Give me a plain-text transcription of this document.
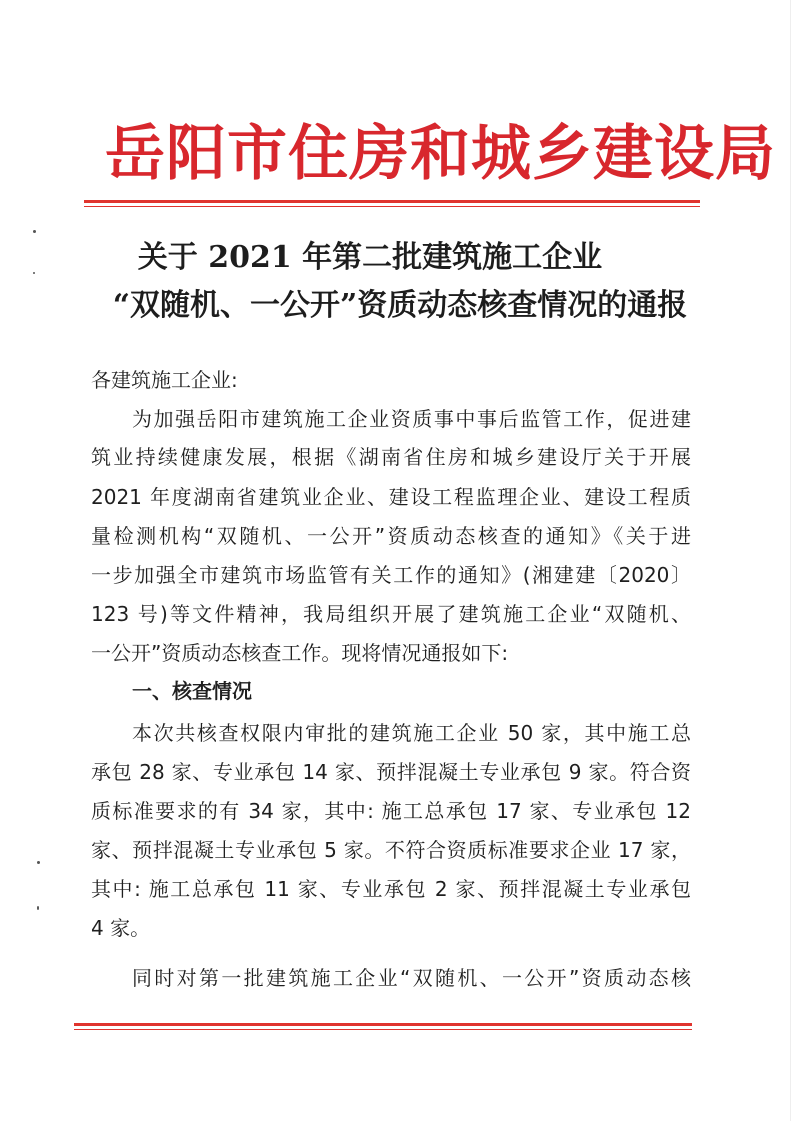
岳阳市住房和城乡建设局
关于 2021 年第二批建筑施工企业
“双随机、一公开”资质动态核查情况的通报
各建筑施工企业:
为加强岳阳市建筑施工企业资质事中事后监管工作，促进建
筑业持续健康发展，根据《湖南省住房和城乡建设厅关于开展
2021 年度湖南省建筑业企业、建设工程监理企业、建设工程质
量检测机构“双随机、一公开”资质动态核查的通知》《关于进
一步加强全市建筑市场监管有关工作的通知》(湘建建〔2020〕
123 号)等文件精神，我局组织开展了建筑施工企业“双随机、
一公开”资质动态核查工作。现将情况通报如下:
一、核查情况
本次共核查权限内审批的建筑施工企业 50 家，其中施工总
承包 28 家、专业承包 14 家、预拌混凝土专业承包 9 家。符合资
质标准要求的有 34 家，其中: 施工总承包 17 家、专业承包 12
家、预拌混凝土专业承包 5 家。不符合资质标准要求企业 17 家，
其中: 施工总承包 11 家、专业承包 2 家、预拌混凝土专业承包
4 家。
同时对第一批建筑施工企业“双随机、一公开”资质动态核
